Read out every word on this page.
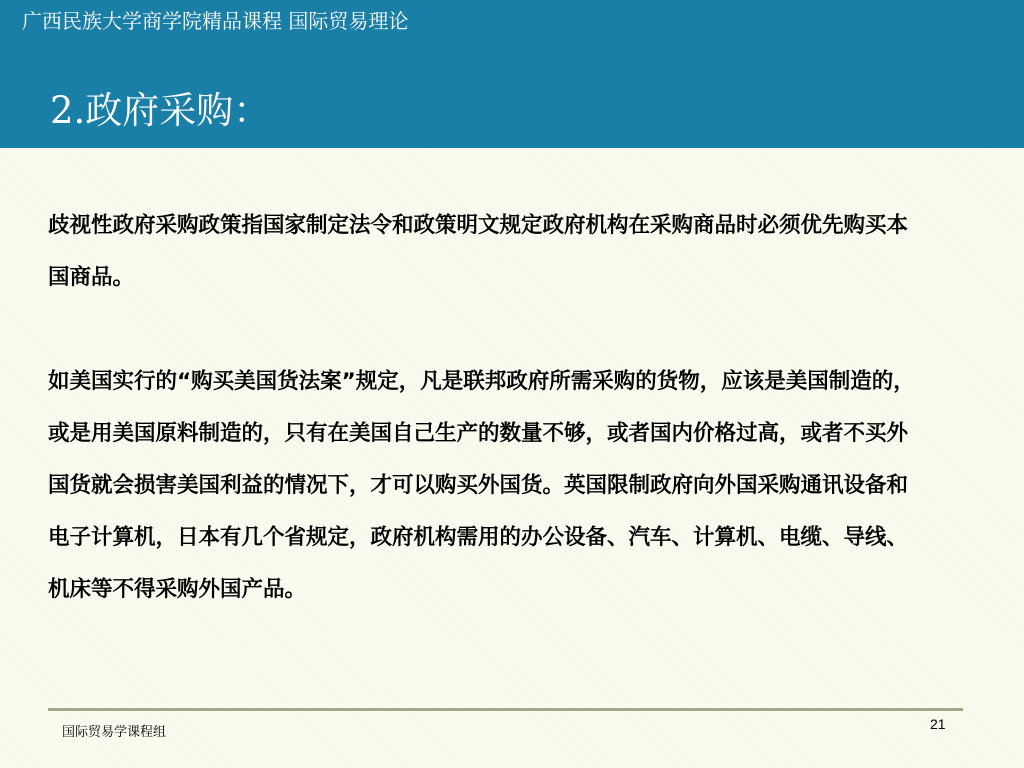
广西民族大学商学院精品课程 国际贸易理论
2.政府采购：

歧视性政府采购政策指国家制定法令和政策明文规定政府机构在采购商品时必须优先购买本国商品。

如美国实行的“购买美国货法案”规定，凡是联邦政府所需采购的货物，应该是美国制造的，或是用美国原料制造的，只有在美国自己生产的数量不够，或者国内价格过高，或者不买外国货就会损害美国利益的情况下，才可以购买外国货。英国限制政府向外国采购通讯设备和电子计算机，日本有几个省规定，政府机构需用的办公设备、汽车、计算机、电缆、导线、机床等不得采购外国产品。

国际贸易学课程组
21
